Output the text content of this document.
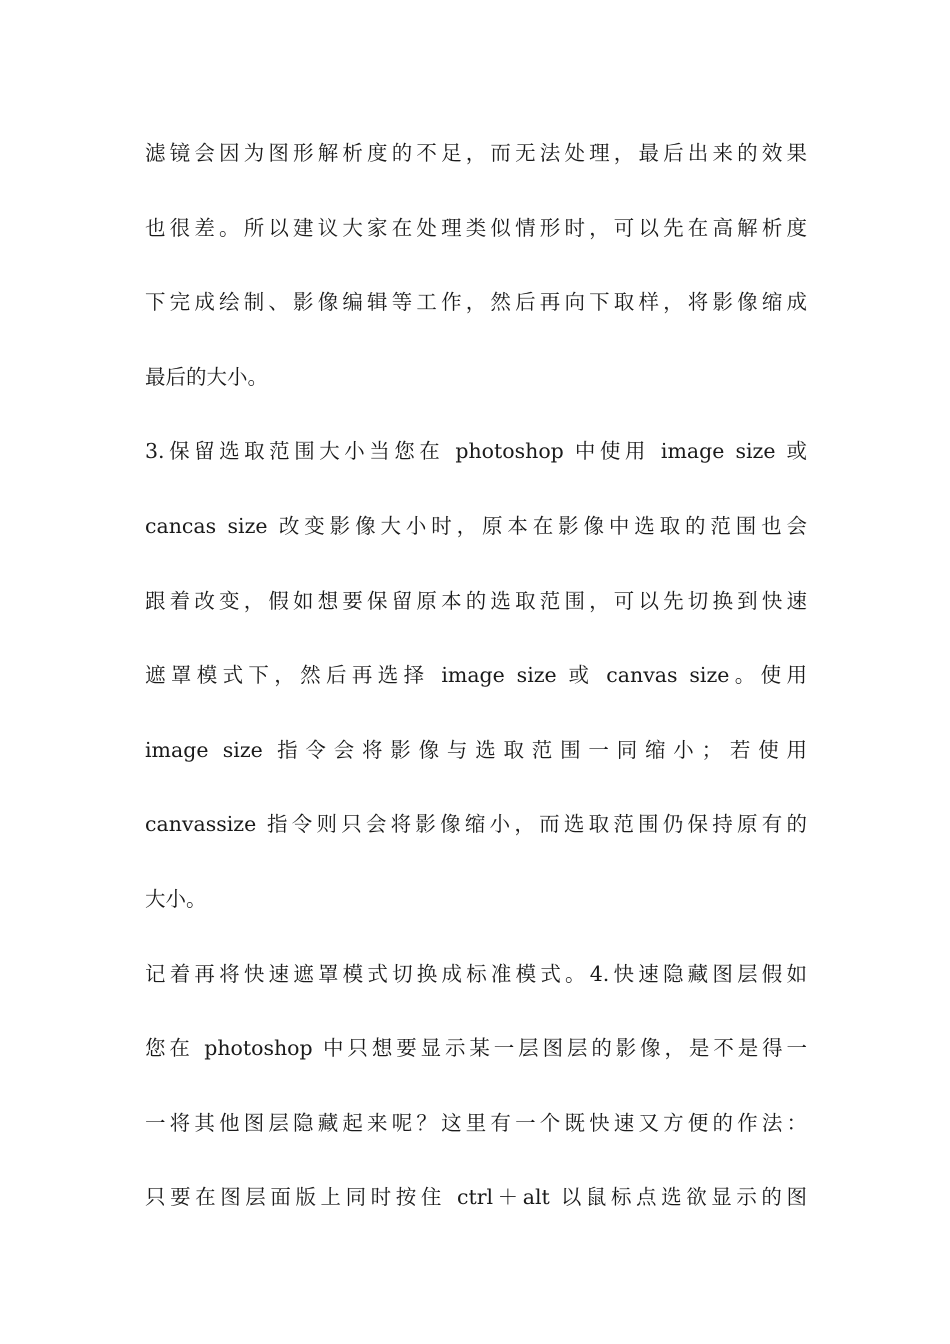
滤镜会因为图形解析度的不足，而无法处理，最后出来的效果
也很差。所以建议大家在处理类似情形时，可以先在高解析度
下完成绘制、影像编辑等工作，然后再向下取样，将影像缩成
最后的大小。
3.保留选取范围大小当您在 photoshop 中使用 image size 或
cancas size 改变影像大小时，原本在影像中选取的范围也会
跟着改变，假如想要保留原本的选取范围，可以先切换到快速
遮罩模式下，然后再选择 image size 或 canvas size。使用
image size 指令会将影像与选取范围一同缩小；若使用
canvassize 指令则只会将影像缩小，而选取范围仍保持原有的
大小。
记着再将快速遮罩模式切换成标准模式。4.快速隐藏图层假如
您在 photoshop 中只想要显示某一层图层的影像，是不是得一
一将其他图层隐藏起来呢？这里有一个既快速又方便的作法：
只要在图层面版上同时按住 ctrl＋alt 以鼠标点选欲显示的图
